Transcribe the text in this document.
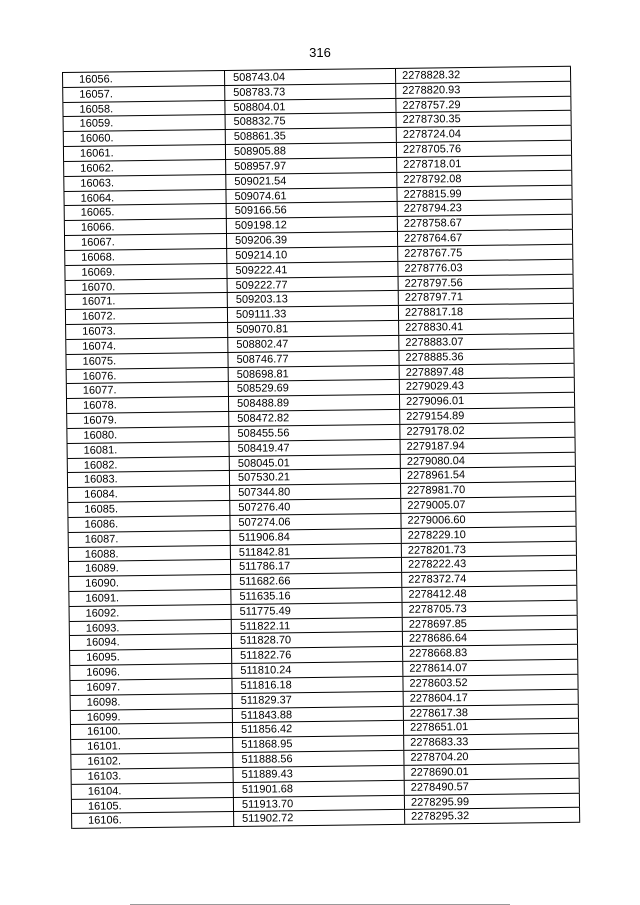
316
16056.	508743.04	2278828.32
16057.	508783.73	2278820.93
16058.	508804.01	2278757.29
16059.	508832.75	2278730.35
16060.	508861.35	2278724.04
16061.	508905.88	2278705.76
16062.	508957.97	2278718.01
16063.	509021.54	2278792.08
16064.	509074.61	2278815.99
16065.	509166.56	2278794.23
16066.	509198.12	2278758.67
16067.	509206.39	2278764.67
16068.	509214.10	2278767.75
16069.	509222.41	2278776.03
16070.	509222.77	2278797.56
16071.	509203.13	2278797.71
16072.	509111.33	2278817.18
16073.	509070.81	2278830.41
16074.	508802.47	2278883.07
16075.	508746.77	2278885.36
16076.	508698.81	2278897.48
16077.	508529.69	2279029.43
16078.	508488.89	2279096.01
16079.	508472.82	2279154.89
16080.	508455.56	2279178.02
16081.	508419.47	2279187.94
16082.	508045.01	2279080.04
16083.	507530.21	2278961.54
16084.	507344.80	2278981.70
16085.	507276.40	2279005.07
16086.	507274.06	2279006.60
16087.	511906.84	2278229.10
16088.	511842.81	2278201.73
16089.	511786.17	2278222.43
16090.	511682.66	2278372.74
16091.	511635.16	2278412.48
16092.	511775.49	2278705.73
16093.	511822.11	2278697.85
16094.	511828.70	2278686.64
16095.	511822.76	2278668.83
16096.	511810.24	2278614.07
16097.	511816.18	2278603.52
16098.	511829.37	2278604.17
16099.	511843.88	2278617.38
16100.	511856.42	2278651.01
16101.	511868.95	2278683.33
16102.	511888.56	2278704.20
16103.	511889.43	2278690.01
16104.	511901.68	2278490.57
16105.	511913.70	2278295.99
16106.	511902.72	2278295.32
